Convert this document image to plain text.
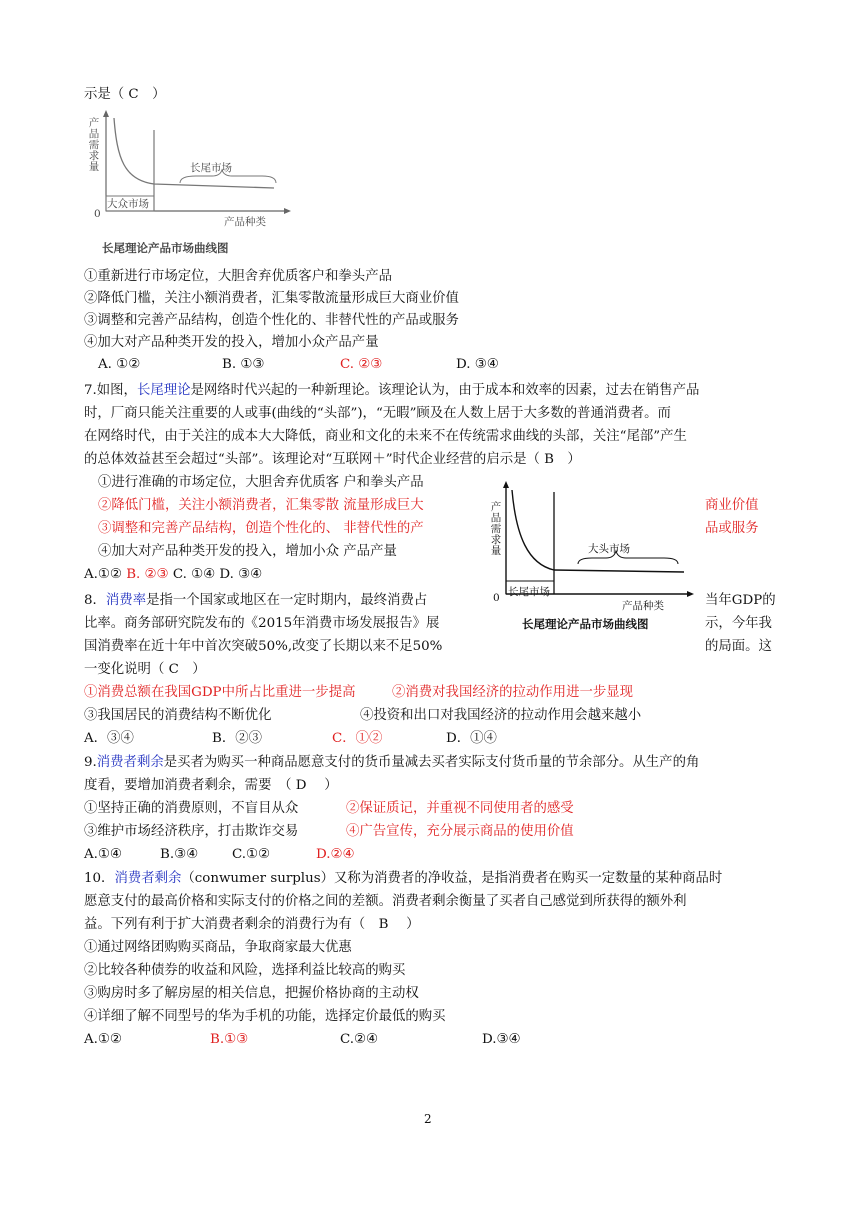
示是（ C　）
产品需求量
0
产品种类
长尾市场
大众市场
长尾理论产品市场曲线图
①重新进行市场定位，大胆舍弃优质客户和拳头产品
②降低门槛，关注小额消费者，汇集零散流量形成巨大商业价值
③调整和完善产品结构，创造个性化的、非替代性的产品或服务
④加大对产品种类开发的投入，增加小众产品产量
A. ①②	B. ①③	C. ②③	D. ③④
7.如图，长尾理论是网络时代兴起的一种新理论。该理论认为，由于成本和效率的因素，过去在销售产品
时，厂商只能关注重要的人或事(曲线的“头部”)，“无暇”顾及在人数上居于大多数的普通消费者。而
在网络时代，由于关注的成本大大降低，商业和文化的未来不在传统需求曲线的头部，关注“尾部”产生
的总体效益甚至会超过“头部”。该理论对“互联网＋”时代企业经营的启示是（ B　）
①进行准确的市场定位，大胆舍弃优质客 户和拳头产品
②降低门槛，关注小额消费者，汇集零散 流量形成巨大	商业价值
③调整和完善产品结构，创造个性化的、 非替代性的产	品或服务
④加大对产品种类开发的投入，增加小众 产品产量
A.①② B. ②③ C. ①④ D. ③④
产品需求量
0
产品种类
大头市场
长尾市场
长尾理论产品市场曲线图
8．消费率是指一个国家或地区在一定时期内，最终消费占	当年GDP的
比率。商务部研究院发布的《2015年消费市场发展报告》展	示，今年我
国消费率在近十年中首次突破50%,改变了长期以来不足50%	的局面。这
一变化说明（ C　）
①消费总额在我国GDP中所占比重进一步提高	②消费对我国经济的拉动作用进一步显现
③我国居民的消费结构不断优化	④投资和出口对我国经济的拉动作用会越来越小
A．③④	B．②③	C．①②	D．①④
9.消费者剩余是买者为购买一种商品愿意支付的货币量减去买者实际支付货币量的节余部分。从生产的角
度看，要增加消费者剩余，需要　（ D　 ）
①坚持正确的消费原则，不盲目从众	②保证质记，并重视不同使用者的感受
③维护市场经济秩序，打击欺诈交易	④广告宣传，充分展示商品的使用价值
A.①④	B.③④	C.①②	D.②④
10．消费者剩余（conwumer surplus）又称为消费者的净收益，是指消费者在购买一定数量的某种商品时
愿意支付的最高价格和实际支付的价格之间的差额。消费者剩余衡量了买者自己感觉到所获得的额外利
益。下列有利于扩大消费者剩余的消费行为有（　B　 ）
①通过网络团购购买商品，争取商家最大优惠
②比较各种债券的收益和风险，选择利益比较高的购买
③购房时多了解房屋的相关信息，把握价格协商的主动权
④详细了解不同型号的华为手机的功能，选择定价最低的购买
A.①②	B.①③	C.②④	D.③④
2
